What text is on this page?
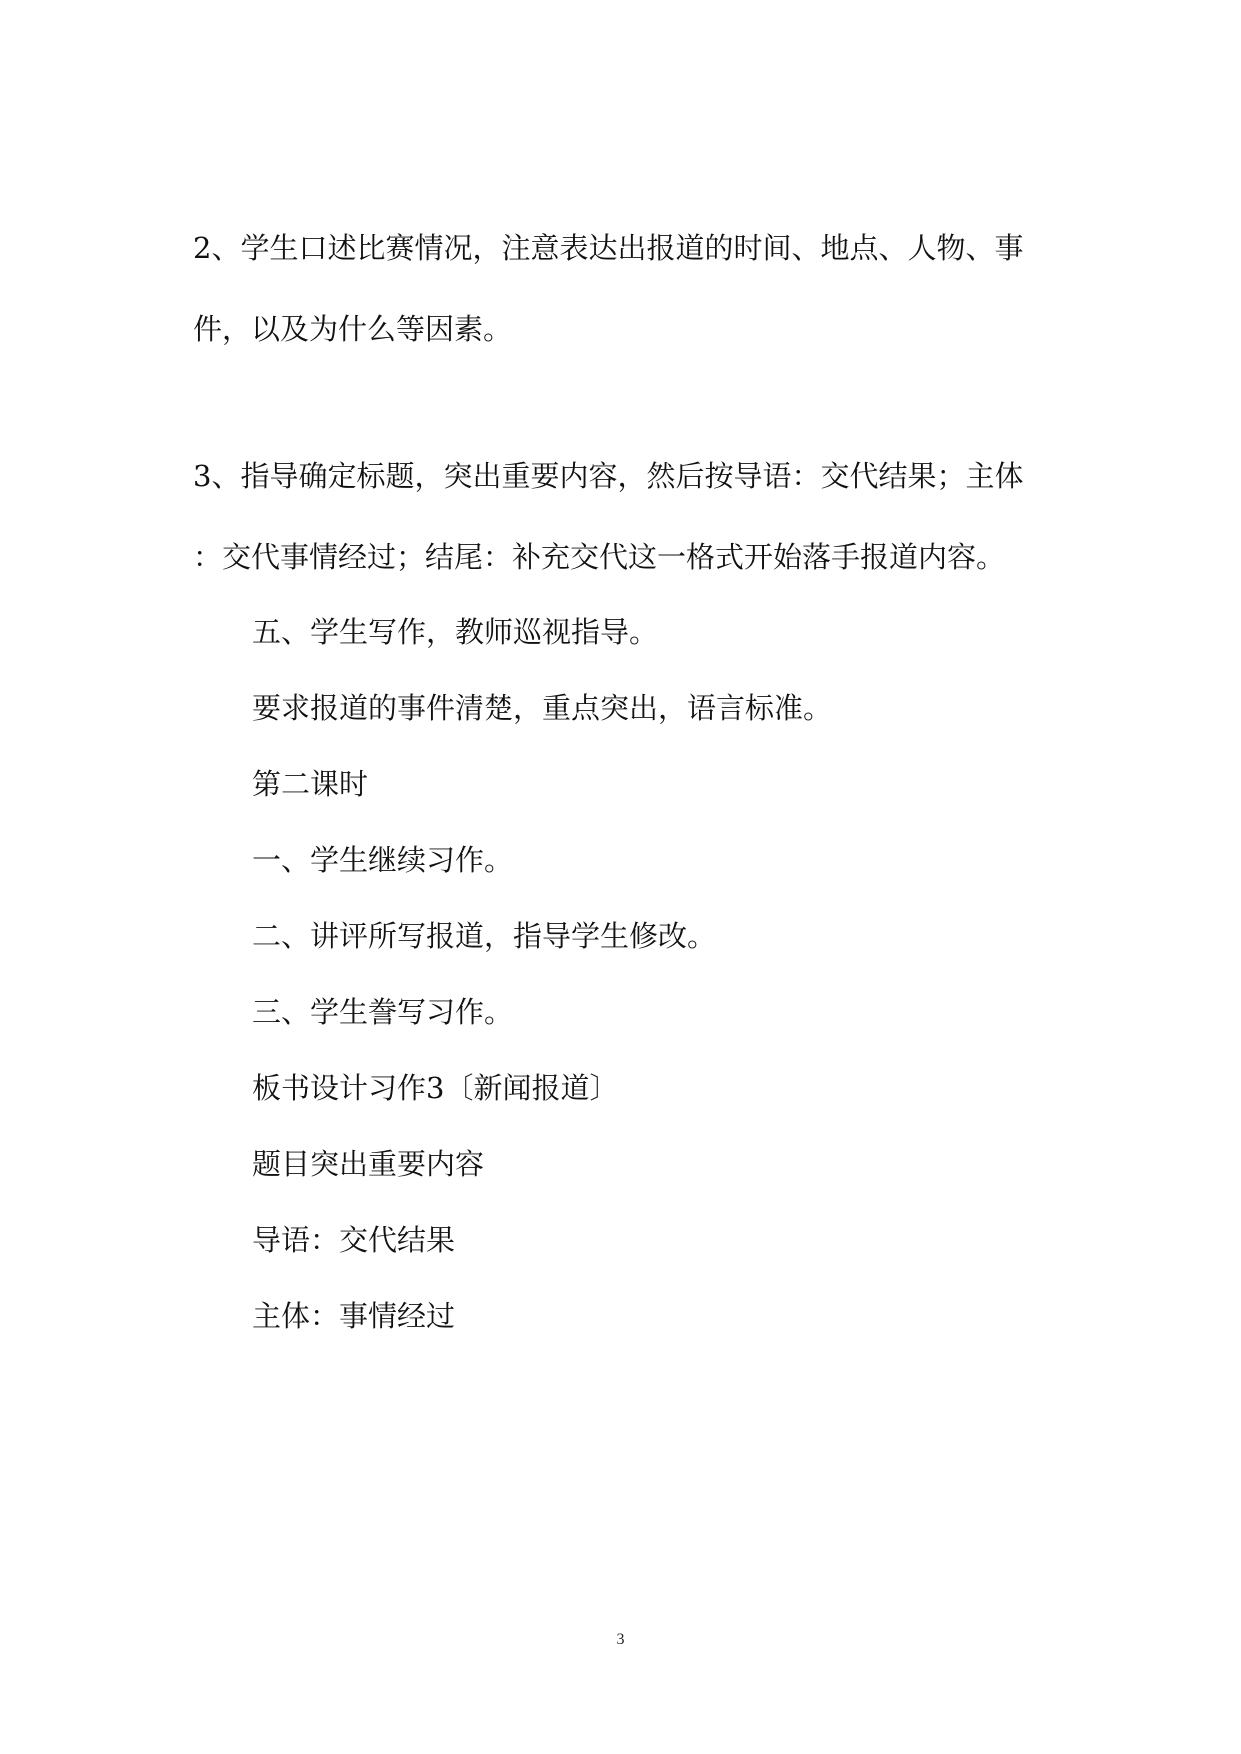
2、学生口述比赛情况，注意表达出报道的时间、地点、人物、事
件，以及为什么等因素。
3、指导确定标题，突出重要内容，然后按导语：交代结果；主体
：交代事情经过；结尾：补充交代这一格式开始落手报道内容。
五、学生写作，教师巡视指导。
要求报道的事件清楚，重点突出，语言标准。
第二课时
一、学生继续习作。
二、讲评所写报道，指导学生修改。
三、学生誊写习作。
板书设计习作3〔新闻报道〕
题目突出重要内容
导语：交代结果
主体：事情经过
3
